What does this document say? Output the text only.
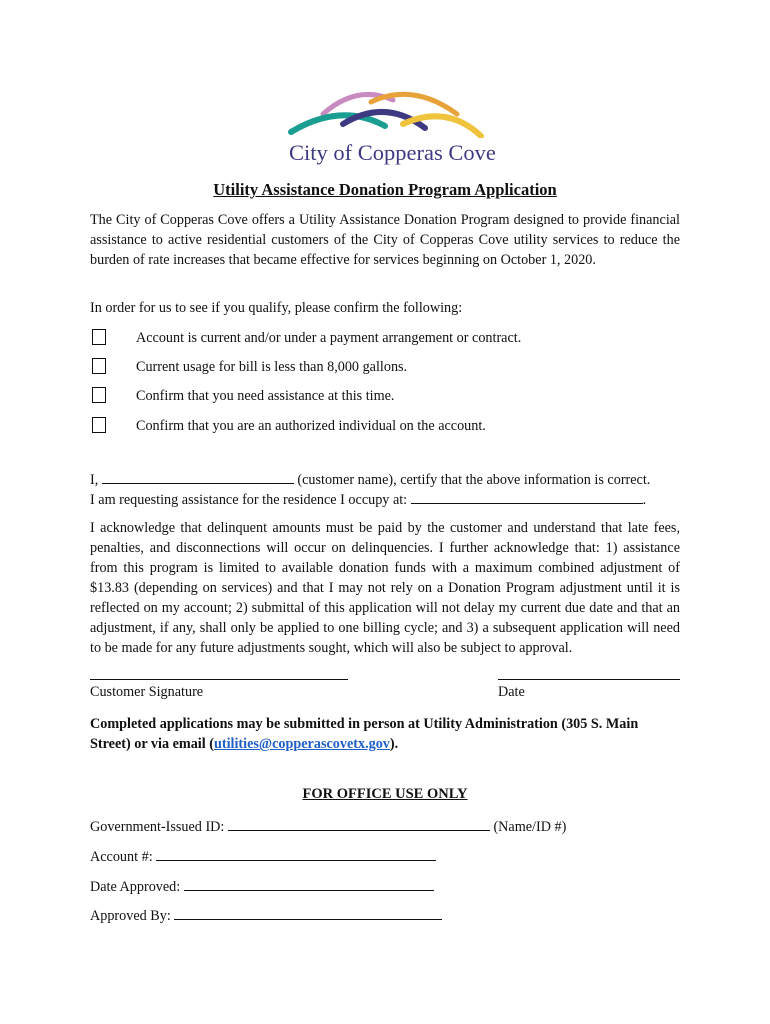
City of Copperas Cove
Utility Assistance Donation Program Application

The City of Copperas Cove offers a Utility Assistance Donation Program designed to provide financial assistance to active residential customers of the City of Copperas Cove utility services to reduce the burden of rate increases that became effective for services beginning on October 1, 2020.

In order for us to see if you qualify, please confirm the following:

Account is current and/or under a payment arrangement or contract.
Current usage for bill is less than 8,000 gallons.
Confirm that you need assistance at this time.
Confirm that you are an authorized individual on the account.

I,	(customer name), certify that the above information is correct.

I am requesting assistance for the residence I occupy at:	.

I acknowledge that delinquent amounts must be paid by the customer and understand that late fees, penalties, and disconnections will occur on delinquencies. I further acknowledge that: 1) assistance from this program is limited to available donation funds with a maximum combined adjustment of $13.83 (depending on services) and that I may not rely on a Donation Program adjustment until it is reflected on my account; 2) submittal of this application will not delay my current due date and that an adjustment, if any, shall only be applied to one billing cycle; and 3) a subsequent application will need to be made for any future adjustments sought, which will also be subject to approval.

Customer Signature	Date

Completed applications may be submitted in person at Utility Administration (305 S. Main Street) or via email (utilities@copperascovetx.gov).

FOR OFFICE USE ONLY
Government-Issued ID:	(Name/ID #)
Account #:
Date Approved:
Approved By:
